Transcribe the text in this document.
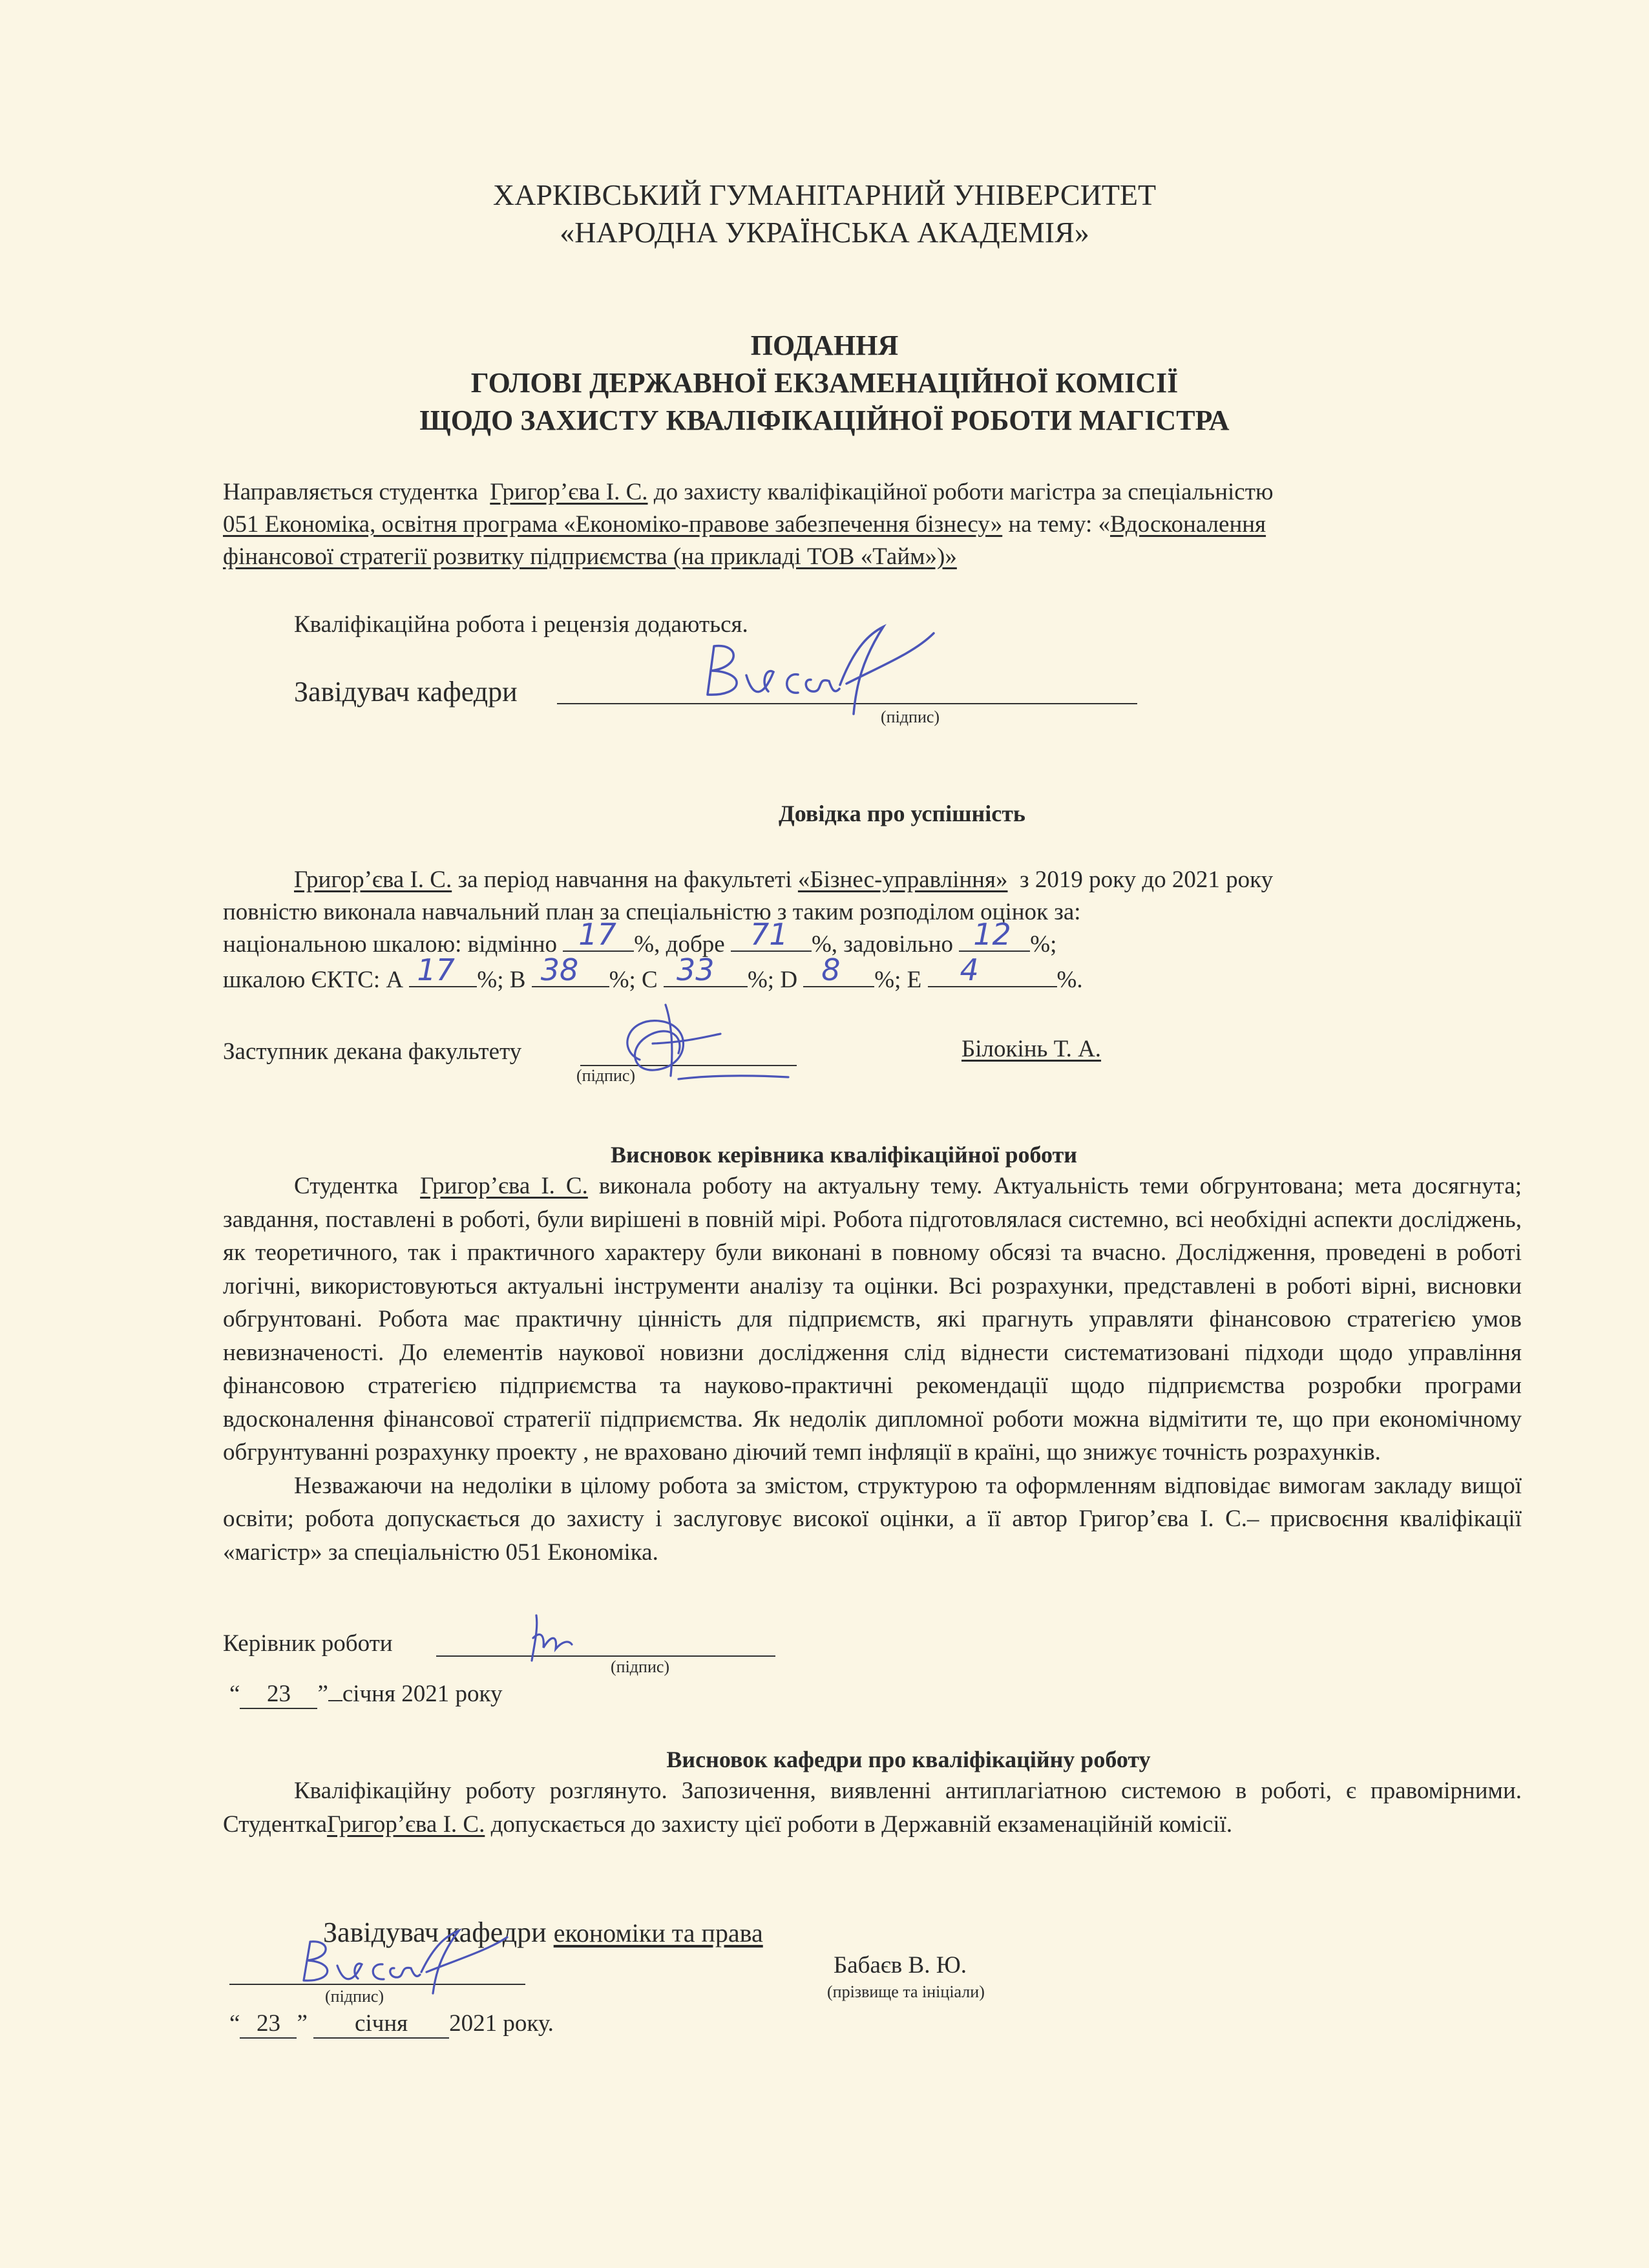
ХАРКІВСЬКИЙ ГУМАНІТАРНИЙ УНІВЕРСИТЕТ
«НАРОДНА УКРАЇНСЬКА АКАДЕМІЯ»
ПОДАННЯ
ГОЛОВІ ДЕРЖАВНОЇ ЕКЗАМЕНАЦІЙНОЇ КОМІСІЇ
ЩОДО ЗАХИСТУ КВАЛІФІКАЦІЙНОЇ РОБОТИ МАГІСТРА
Направляється студентка Григор’єва І. С. до захисту кваліфікаційної роботи магістра за спеціальністю
051 Економіка, освітня програма «Економіко-правове забезпечення бізнесу» на тему: «Вдосконалення
фінансової стратегії розвитку підприємства (на прикладі ТОВ «Тайм»)»
Кваліфікаційна робота і рецензія додаються.
Завідувач кафедри
(підпис)
Довідка про успішність
Григор’єва І. С. за період навчання на факультеті «Бізнес-управління» з 2019 року до 2021 року
повністю виконала навчальний план за спеціальністю з таким розподілом оцінок за:
національною шкалою: відмінно 17 %, добре 71 %, задовільно 12 %;
шкалою ЄКТС: А 17 %; В 38 %; С 33 %; D 8 %; Е 4	%.
Заступник декана факультету
(підпис)
Білокінь Т. А.
Висновок керівника кваліфікаційної роботи

Студентка Григор’єва І. С. виконала роботу на актуальну тему. Актуальність теми обгрунтована; мета досягнута; завдання, поставлені в роботі, були вирішені в повній мірі. Робота підготовлялася системно, всі необхідні аспекти досліджень, як теоретичного, так і практичного характеру були виконані в повному обсязі та вчасно. Дослідження, проведені в роботі логічні, використовуються актуальні інструменти аналізу та оцінки. Всі розрахунки, представлені в роботі вірні, висновки обгрунтовані. Робота має практичну цінність для підприємств, які прагнуть управляти фінансовою стратегією умов невизначеності. До елементів наукової новизни дослідження слід віднести систематизовані підходи щодо управління фінансовою стратегією підприємства та науково-практичні рекомендації щодо підприємства розробки програми вдосконалення фінансової стратегії підприємства. Як недолік дипломної роботи можна відмітити те, що при економічному обгрунтуванні розрахунку проекту , не враховано діючий темп інфляції в країні, що знижує точність розрахунків.

Незважаючи на недоліки в цілому робота за змістом, структурою та оформленням відповідає вимогам закладу вищої освіти; робота допускається до захисту і заслуговує високої оцінки, а її автор Григор’єва І. С.– присвоєння кваліфікації «магістр» за спеціальністю 051 Економіка.

Керівник роботи
(підпис)
“ 23 ” січня 2021 року
Висновок кафедри про кваліфікаційну роботу

Кваліфікаційну роботу розглянуто. Запозичення, виявленні антиплагіатною системою в роботі, є правомірними. СтуденткаГригор’єва І. С. допускається до захисту цієї роботи в Державній екзаменаційній комісії.

Завідувач кафедри економіки та права
(підпис)
Бабаєв В. Ю.
(прізвище та ініціали)
“ 23 ” січня 2021 року.
